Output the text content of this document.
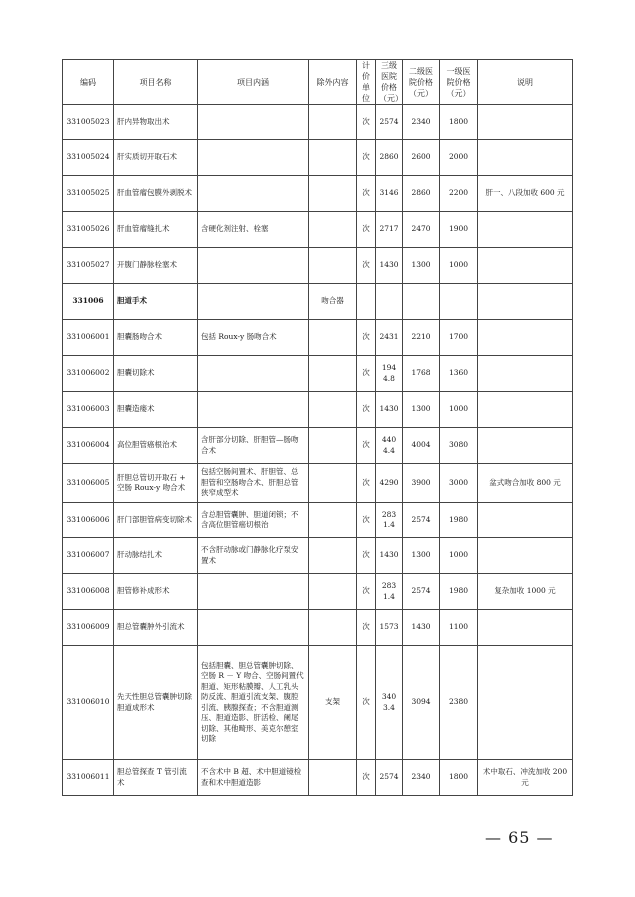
编码	项目名称	项目内涵	除外内容	计价单位	三级医院价格（元）	二级医院价格（元）	一级医院价格（元）	说明
331005023	肝内异物取出术			次	2574	2340	1800	
331005024	肝实质切开取石术			次	2860	2600	2000	
331005025	肝血管瘤包膜外剥脱术			次	3146	2860	2200	肝一、八段加收 600 元
331005026	肝血管瘤缝扎术	含硬化剂注射、栓塞		次	2717	2470	1900	
331005027	开腹门静脉栓塞术			次	1430	1300	1000	
331006	胆道手术		吻合器					
331006001	胆囊肠吻合术	包括 Roux-y 肠吻合术		次	2431	2210	1700	
331006002	胆囊切除术			次	1944.8	1768	1360	
331006003	胆囊造瘘术			次	1430	1300	1000	
331006004	高位胆管癌根治术	含肝部分切除、肝胆管—肠吻合术		次	4404.4	4004	3080	
331006005	肝胆总管切开取石 + 空肠 Roux-y 吻合术	包括空肠间置术、肝胆管、总胆管和空肠吻合术、肝胆总管狭窄成型术		次	4290	3900	3000	盆式吻合加收 800 元
331006006	肝门部胆管病变切除术	含总胆管囊肿、胆道闭锁；不含高位胆管癌切根治		次	2831.4	2574	1980	
331006007	肝动脉结扎术	不含肝动脉或门静脉化疗泵安置术		次	1430	1300	1000	
331006008	胆管修补成形术			次	2831.4	2574	1980	复杂加收 1000 元
331006009	胆总管囊肿外引流术			次	1573	1430	1100	
331006010	先天性胆总管囊肿切除胆道成形术	包括胆囊、胆总管囊肿切除、空肠 R － Y 吻合、空肠间置代胆道、矩形粘膜瓣、人工乳头防反流、胆道引流支架、腹腔引流、胰腺探查；不含胆道测压、胆道造影、肝活检、阑尾切除、其他畸形、美克尔憩室切除	支架	次	3403.4	3094	2380	
331006011	胆总管探查 T 管引流术	不含术中 B 超、术中胆道镜检查和术中胆道造影		次	2574	2340	1800	术中取石、冲洗加收 200 元
— 65 —
